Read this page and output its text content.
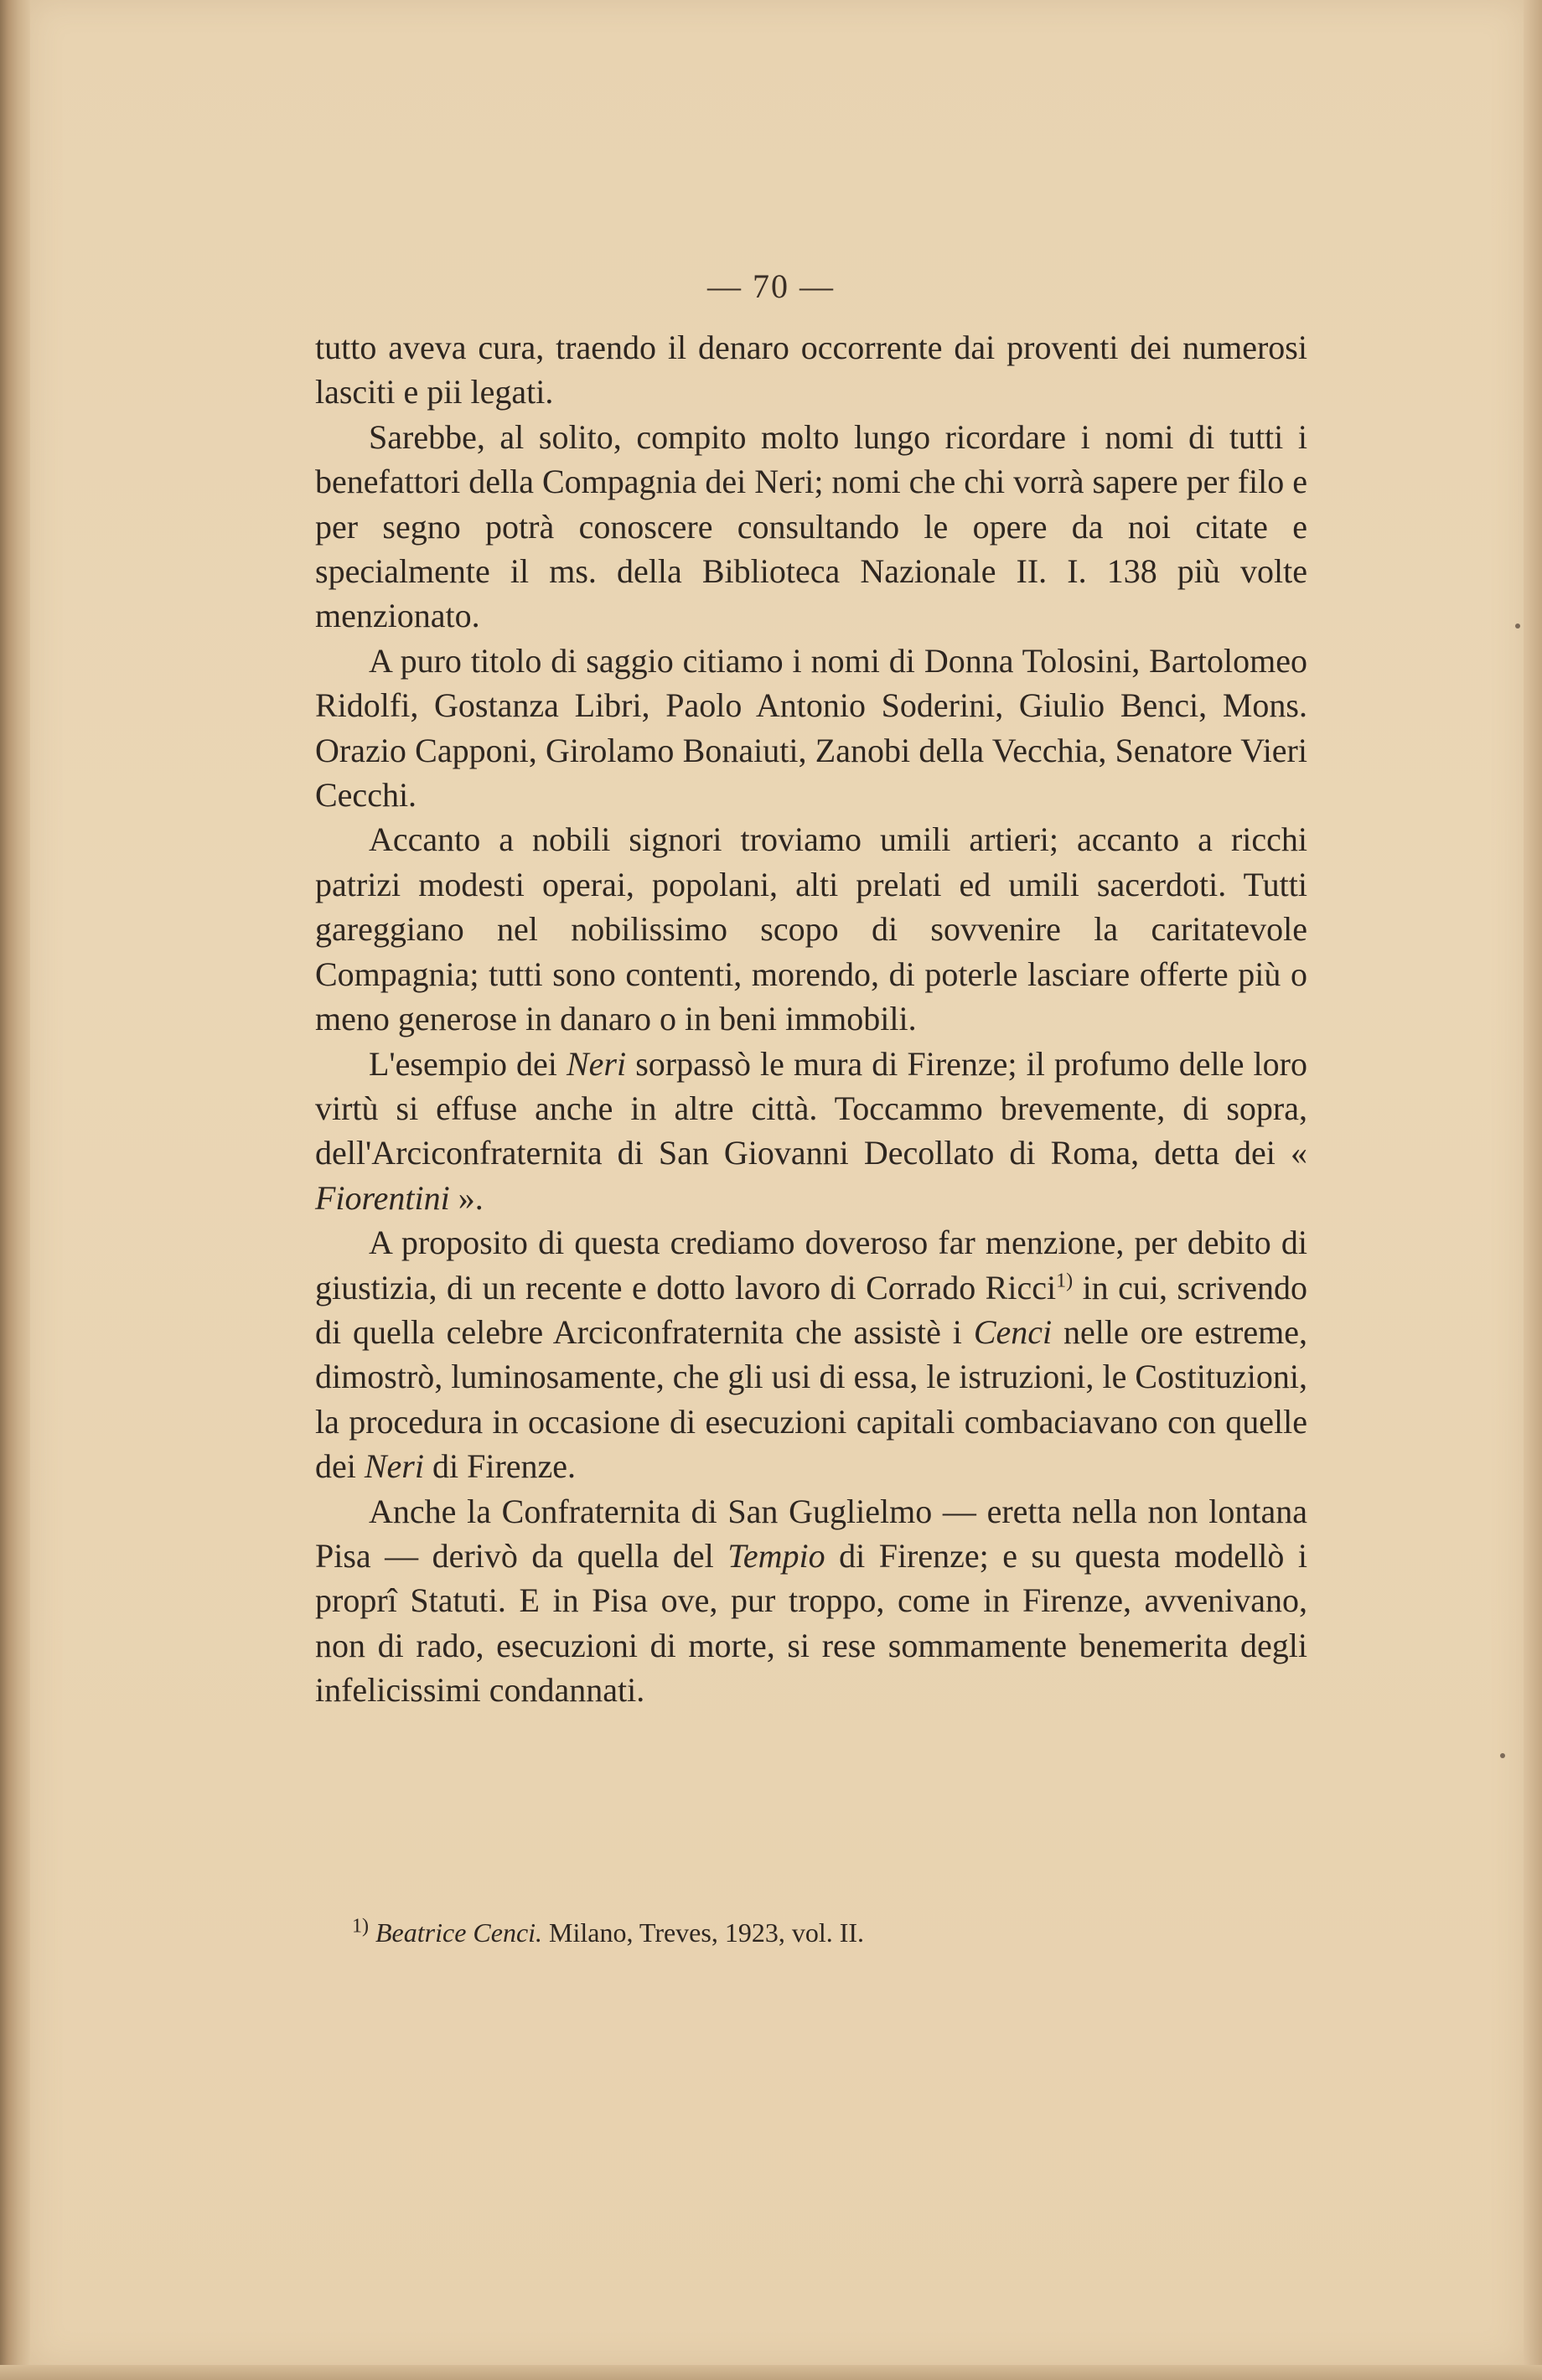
— 70 —

tutto aveva cura, traendo il denaro occorrente dai proventi dei numerosi lasciti e pii legati.

Sarebbe, al solito, compito molto lungo ricordare i nomi di tutti i benefattori della Compagnia dei Neri; nomi che chi vorrà sapere per filo e per segno potrà conoscere consultando le opere da noi citate e specialmente il ms. della Biblioteca Nazionale II. I. 138 più volte menzionato.

A puro titolo di saggio citiamo i nomi di Donna Tolosini, Bartolomeo Ridolfi, Gostanza Libri, Paolo Antonio Soderini, Giulio Benci, Mons. Orazio Capponi, Girolamo Bonaiuti, Zanobi della Vecchia, Senatore Vieri Cecchi.

Accanto a nobili signori troviamo umili artieri; accanto a ricchi patrizi modesti operai, popolani, alti prelati ed umili sacerdoti. Tutti gareggiano nel nobilissimo scopo di sovvenire la caritatevole Compagnia; tutti sono contenti, morendo, di poterle lasciare offerte più o meno generose in danaro o in beni immobili.

L'esempio dei Neri sorpassò le mura di Firenze; il profumo delle loro virtù si effuse anche in altre città. Toccammo brevemente, di sopra, dell'Arciconfraternita di San Giovanni Decollato di Roma, detta dei « Fiorentini ».

A proposito di questa crediamo doveroso far menzione, per debito di giustizia, di un recente e dotto lavoro di Corrado Ricci$^{1)}$ in cui, scrivendo di quella celebre Arciconfraternita che assistè i Cenci nelle ore estreme, dimostrò, luminosamente, che gli usi di essa, le istruzioni, le Costituzioni, la procedura in occasione di esecuzioni capitali combaciavano con quelle dei Neri di Firenze.

Anche la Confraternita di San Guglielmo — eretta nella non lontana Pisa — derivò da quella del Tempio di Firenze; e su questa modellò i proprî Statuti. E in Pisa ove, pur troppo, come in Firenze, avvenivano, non di rado, esecuzioni di morte, si rese sommamente benemerita degli infelicissimi condannati.

$^{1)}$ Beatrice Cenci. Milano, Treves, 1923, vol. II.
